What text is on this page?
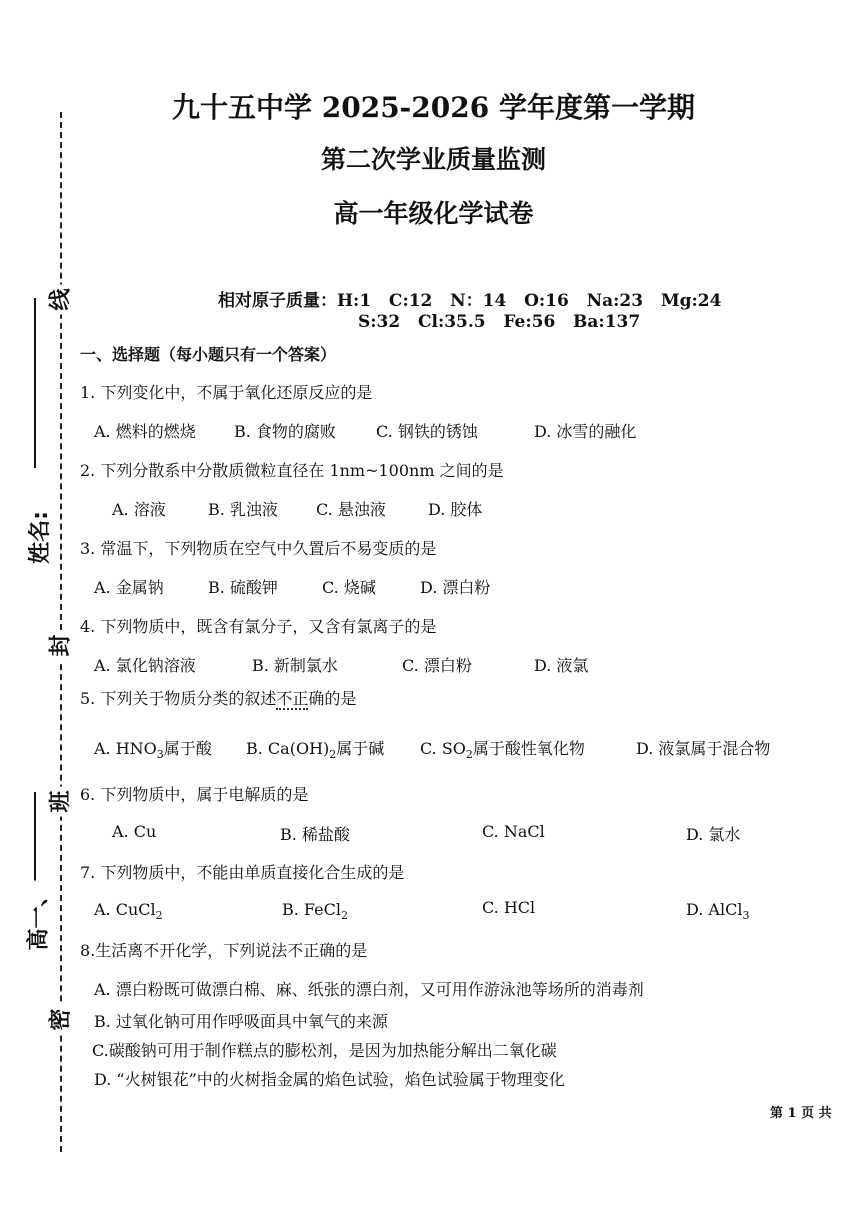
线
姓名:
封
班
高一、
密
九十五中学 2025-2026 学年度第一学期
第二次学业质量监测
高一年级化学试卷
相对原子质量：H:1   C:12   N：14   O:16   Na:23   Mg:24
S:32   Cl:35.5   Fe:56   Ba:137
一、选择题（每小题只有一个答案）
1. 下列变化中，不属于氧化还原反应的是
A. 燃料的燃烧 B. 食物的腐败	C. 钢铁的锈蚀	D. 冰雪的融化
2. 下列分散系中分散质微粒直径在 1nm~100nm 之间的是
A. 溶液	B. 乳浊液 C. 悬浊液	D. 胶体
3. 常温下，下列物质在空气中久置后不易变质的是
A. 金属钠	B. 硫酸钾	C. 烧碱	D. 漂白粉
4. 下列物质中，既含有氯分子，又含有氯离子的是
A. 氯化钠溶液	B. 新制氯水	C. 漂白粉	D. 液氯
5. 下列关于物质分类的叙述不正确的是
A. $HNO_3$属于酸 B. $Ca(OH)_2$属于碱 C. $SO_2$属于酸性氧化物	D. 液氯属于混合物
6. 下列物质中，属于电解质的是
A. Cu	B. 稀盐酸	C. NaCl	D. 氯水
7. 下列物质中，不能由单质直接化合生成的是
A. CuCl$_2$	B. FeCl$_2$	C. HCl	D. AlCl$_3$
8.生活离不开化学，下列说法不正确的是
A. 漂白粉既可做漂白棉、麻、纸张的漂白剂，又可用作游泳池等场所的消毒剂
B. 过氧化钠可用作呼吸面具中氧气的来源
C.碳酸钠可用于制作糕点的膨松剂，是因为加热能分解出二氧化碳
D. “火树银花”中的火树指金属的焰色试验，焰色试验属于物理变化
第 1 页 共
